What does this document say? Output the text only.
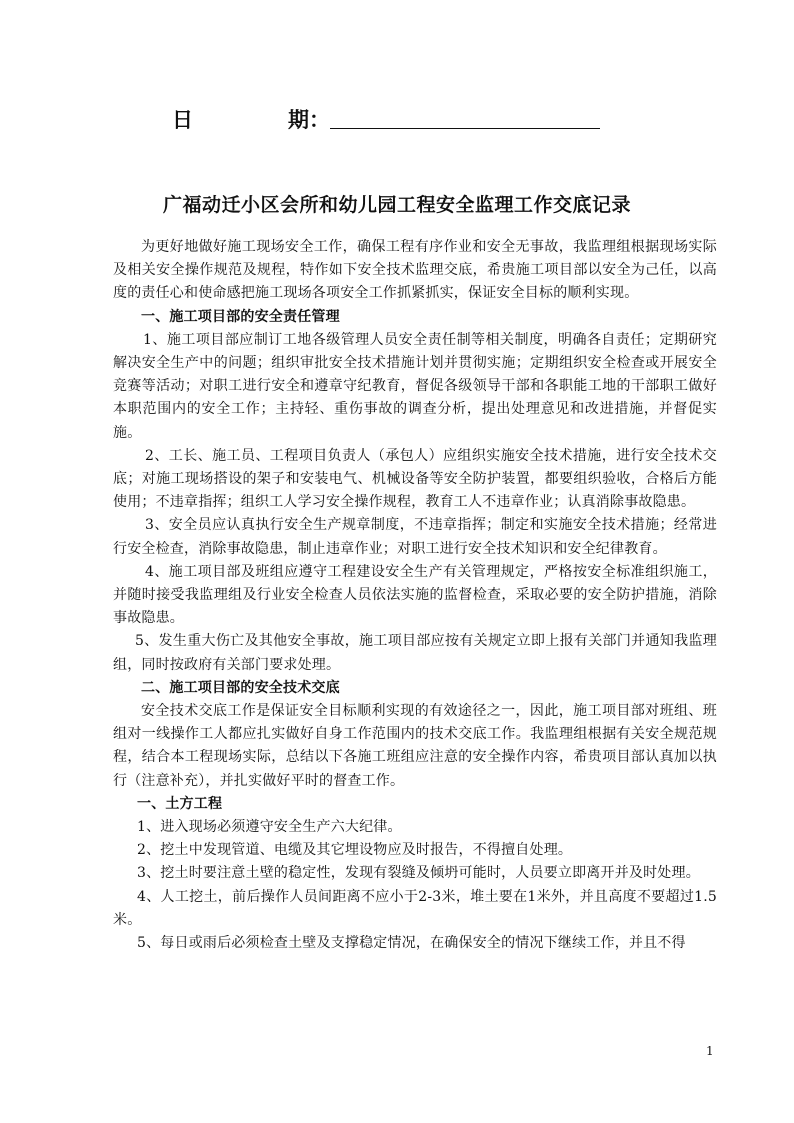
日	期：
广福动迁小区会所和幼儿园工程安全监理工作交底记录

为更好地做好施工现场安全工作，确保工程有序作业和安全无事故，我监理组根据现场实际及相关安全操作规范及规程，特作如下安全技术监理交底，希贵施工项目部以安全为己任，以高度的责任心和使命感把施工现场各项安全工作抓紧抓实，保证安全目标的顺利实现。

一、施工项目部的安全责任管理

1、施工项目部应制订工地各级管理人员安全责任制等相关制度，明确各自责任；定期研究解决安全生产中的问题；组织审批安全技术措施计划并贯彻实施；定期组织安全检查或开展安全竞赛等活动；对职工进行安全和遵章守纪教育，督促各级领导干部和各职能工地的干部职工做好本职范围内的安全工作；主持轻、重伤事故的调查分析，提出处理意见和改进措施，并督促实施。

2、工长、施工员、工程项目负责人（承包人）应组织实施安全技术措施，进行安全技术交底；对施工现场搭设的架子和安装电气、机械设备等安全防护装置，都要组织验收，合格后方能使用；不违章指挥；组织工人学习安全操作规程，教育工人不违章作业；认真消除事故隐患。

3、安全员应认真执行安全生产规章制度，不违章指挥；制定和实施安全技术措施；经常进行安全检查，消除事故隐患，制止违章作业；对职工进行安全技术知识和安全纪律教育。

4、施工项目部及班组应遵守工程建设安全生产有关管理规定，严格按安全标准组织施工，并随时接受我监理组及行业安全检查人员依法实施的监督检查，采取必要的安全防护措施，消除事故隐患。

5、发生重大伤亡及其他安全事故，施工项目部应按有关规定立即上报有关部门并通知我监理组，同时按政府有关部门要求处理。

二、施工项目部的安全技术交底

安全技术交底工作是保证安全目标顺利实现的有效途径之一，因此，施工项目部对班组、班组对一线操作工人都应扎实做好自身工作范围内的技术交底工作。我监理组根据有关安全规范规程，结合本工程现场实际，总结以下各施工班组应注意的安全操作内容，希贵项目部认真加以执行（注意补充），并扎实做好平时的督查工作。

一、土方工程

1、进入现场必须遵守安全生产六大纪律。

2、挖土中发现管道、电缆及其它埋设物应及时报告，不得擅自处理。

3、挖土时要注意土壁的稳定性，发现有裂缝及倾坍可能时，人员要立即离开并及时处理。

4、人工挖土，前后操作人员间距离不应小于2-3米，堆土要在1米外，并且高度不要超过1.5米。

5、每日或雨后必须检查土壁及支撑稳定情况，在确保安全的情况下继续工作，并且不得

1
